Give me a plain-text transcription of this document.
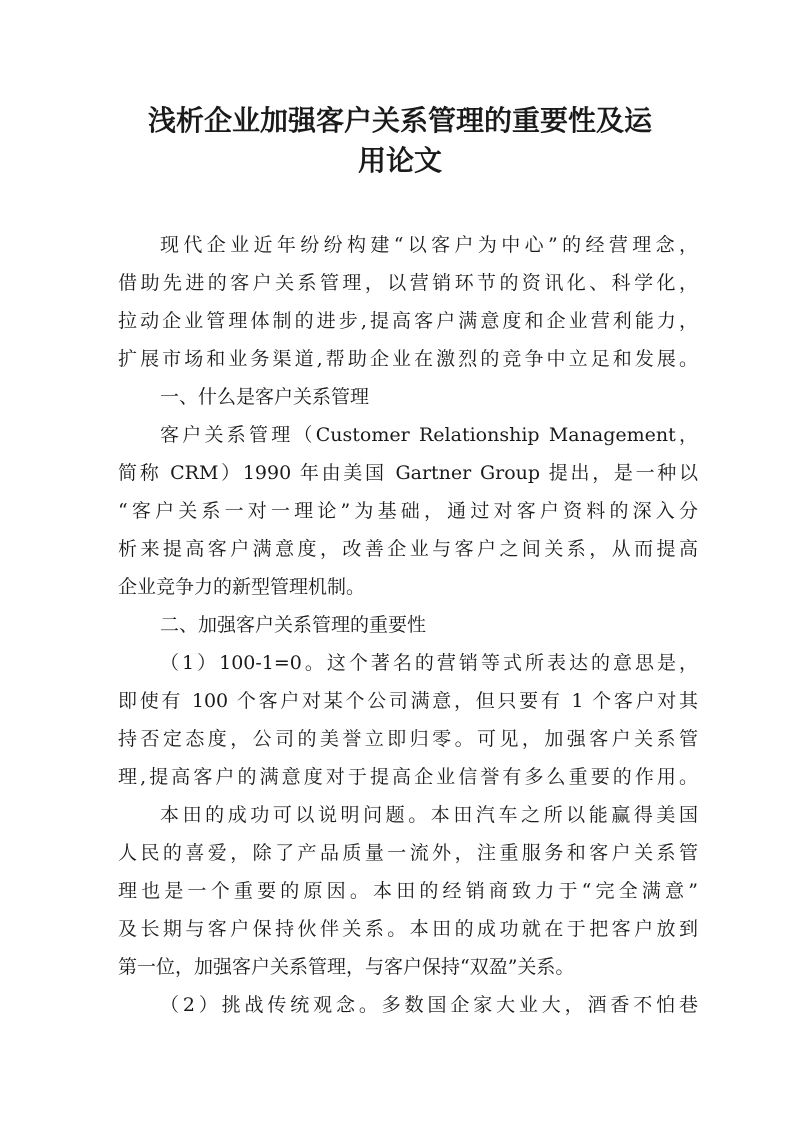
浅析企业加强客户关系管理的重要性及运
用论文
现代企业近年纷纷构建“以客户为中心”的经营理念，
借助先进的客户关系管理，以营销环节的资讯化、科学化，
拉动企业管理体制的进步,提高客户满意度和企业营利能力，
扩展市场和业务渠道,帮助企业在激烈的竞争中立足和发展。
一、什么是客户关系管理
客户关系管理（Customer Relationship Management，
简称 CRM）1990 年由美国 Gartner Group 提出，是一种以
“客户关系一对一理论”为基础，通过对客户资料的深入分
析来提高客户满意度，改善企业与客户之间关系，从而提高
企业竞争力的新型管理机制。
二、加强客户关系管理的重要性
（1）100-1=0。这个著名的营销等式所表达的意思是，
即使有 100 个客户对某个公司满意，但只要有 1 个客户对其
持否定态度，公司的美誉立即归零。可见，加强客户关系管
理,提高客户的满意度对于提高企业信誉有多么重要的作用。
本田的成功可以说明问题。本田汽车之所以能赢得美国
人民的喜爱，除了产品质量一流外，注重服务和客户关系管
理也是一个重要的原因。本田的经销商致力于“完全满意”
及长期与客户保持伙伴关系。本田的成功就在于把客户放到
第一位，加强客户关系管理，与客户保持“双盈”关系。
（2）挑战传统观念。多数国企家大业大，酒香不怕巷
